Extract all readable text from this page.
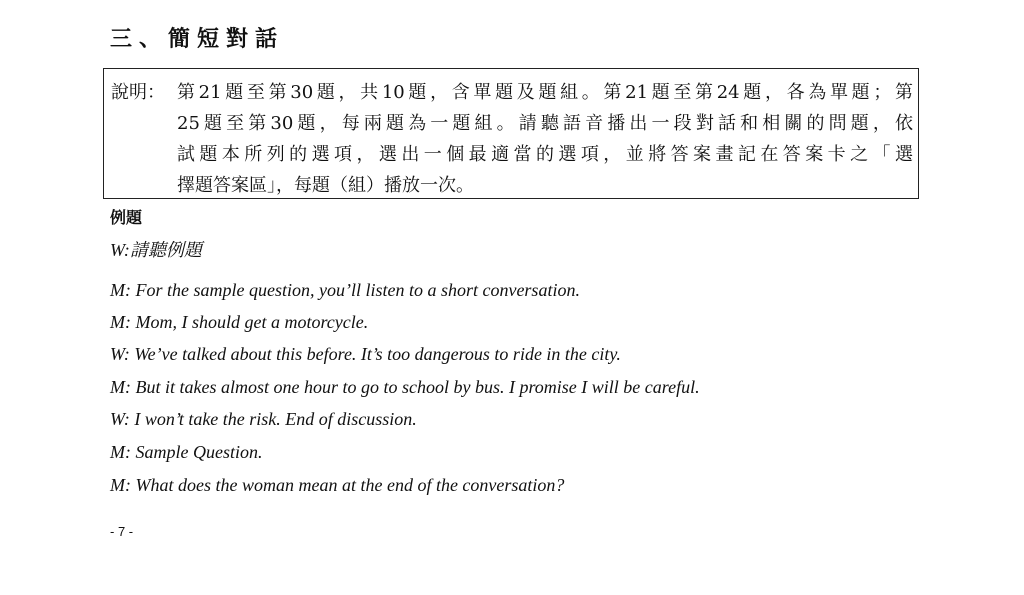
三、簡短對話
說明： 第21題至第30題，共10題，含單題及題組。第21題至第24題，各為單題；第
25題至第30題，每兩題為一題組。請聽語音播出一段對話和相關的問題，依
試題本所列的選項，選出一個最適當的選項，並將答案畫記在答案卡之「選
擇題答案區」，每題（組）播放一次。
例題
W:請聽例題
M: For the sample question, you’ll listen to a short conversation.
M: Mom, I should get a motorcycle.
W: We’ve talked about this before. It’s too dangerous to ride in the city.
M: But it takes almost one hour to go to school by bus. I promise I will be careful.
W: I won’t take the risk. End of discussion.
M: Sample Question.
M: What does the woman mean at the end of the conversation?
- 7 -
